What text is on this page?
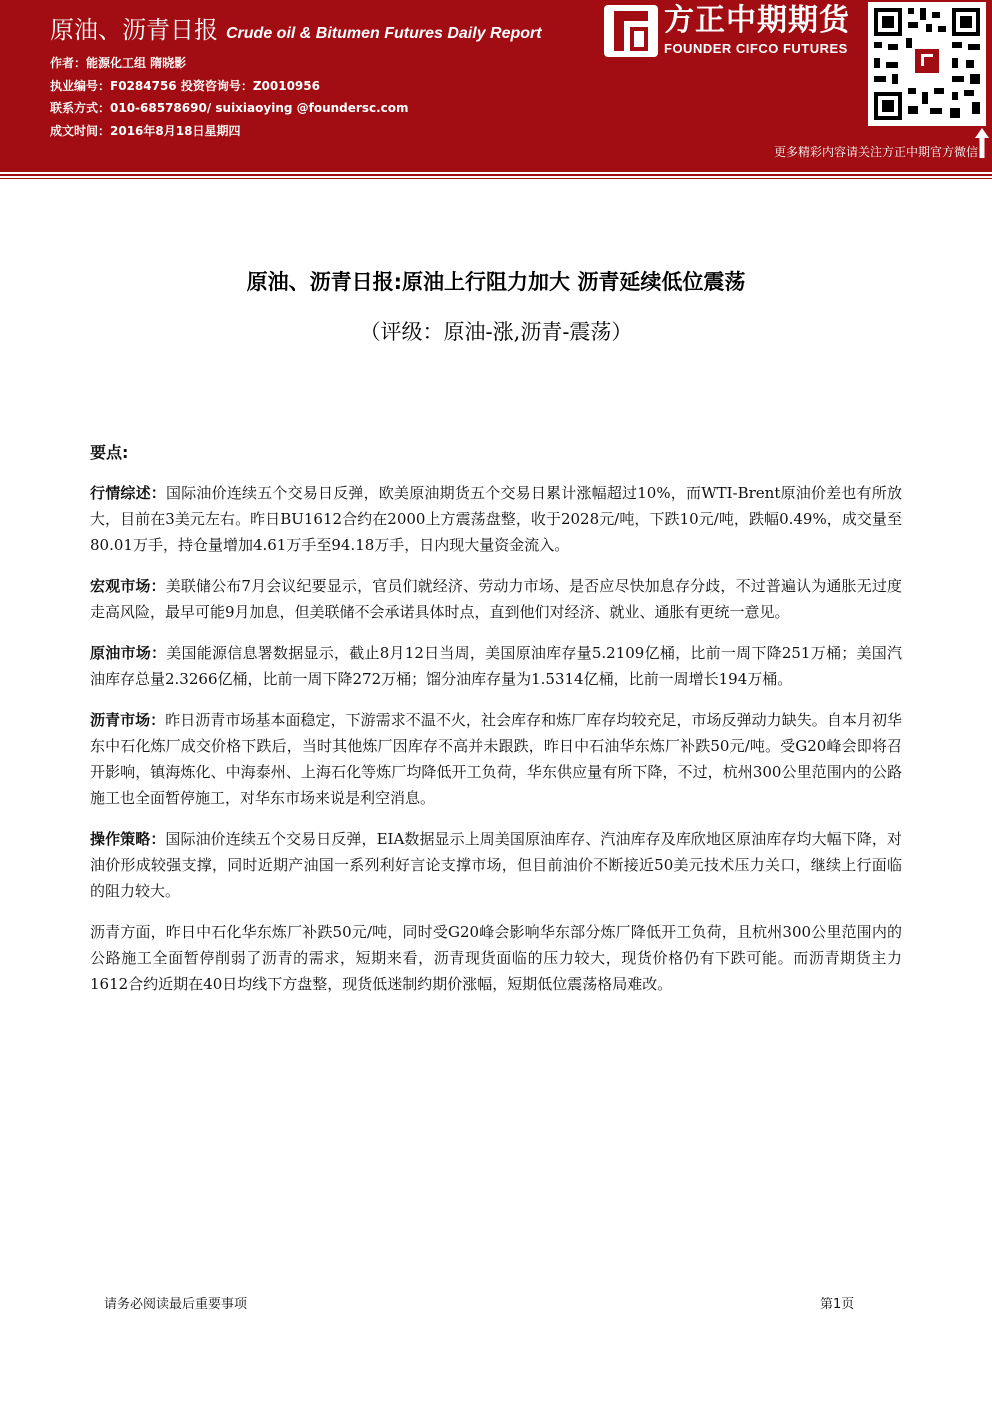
原油、沥青日报 Crude oil & Bitumen Futures Daily Report
作者：能源化工组 隋晓影
执业编号：F0284756 投资咨询号：Z0010956
联系方式：010-68578690/ suixiaoying @foundersc.com
成文时间：2016年8月18日星期四
方正中期期货
FOUNDER CIFCO FUTURES
更多精彩内容请关注方正中期官方微信
原油、沥青日报:原油上行阻力加大 沥青延续低位震荡
（评级：原油-涨,沥青-震荡）
要点:

行情综述：国际油价连续五个交易日反弹，欧美原油期货五个交易日累计涨幅超过10%，而WTI-Brent原油价差也有所放大，目前在3美元左右。昨日BU1612合约在2000上方震荡盘整，收于2028元/吨，下跌10元/吨，跌幅0.49%，成交量至80.01万手，持仓量增加4.61万手至94.18万手，日内现大量资金流入。

宏观市场：美联储公布7月会议纪要显示，官员们就经济、劳动力市场、是否应尽快加息存分歧，不过普遍认为通胀无过度走高风险，最早可能9月加息，但美联储不会承诺具体时点，直到他们对经济、就业、通胀有更统一意见。

原油市场：美国能源信息署数据显示，截止8月12日当周，美国原油库存量5.2109亿桶，比前一周下降251万桶；美国汽油库存总量2.3266亿桶，比前一周下降272万桶；馏分油库存量为1.5314亿桶，比前一周增长194万桶。

沥青市场：昨日沥青市场基本面稳定，下游需求不温不火，社会库存和炼厂库存均较充足，市场反弹动力缺失。自本月初华东中石化炼厂成交价格下跌后，当时其他炼厂因库存不高并未跟跌，昨日中石油华东炼厂补跌50元/吨。受G20峰会即将召开影响，镇海炼化、中海泰州、上海石化等炼厂均降低开工负荷，华东供应量有所下降，不过，杭州300公里范围内的公路施工也全面暂停施工，对华东市场来说是利空消息。

操作策略：国际油价连续五个交易日反弹，EIA数据显示上周美国原油库存、汽油库存及库欣地区原油库存均大幅下降，对油价形成较强支撑，同时近期产油国一系列利好言论支撑市场，但目前油价不断接近50美元技术压力关口，继续上行面临的阻力较大。

沥青方面，昨日中石化华东炼厂补跌50元/吨，同时受G20峰会影响华东部分炼厂降低开工负荷，且杭州300公里范围内的公路施工全面暂停削弱了沥青的需求，短期来看，沥青现货面临的压力较大，现货价格仍有下跌可能。而沥青期货主力1612合约近期在40日均线下方盘整，现货低迷制约期价涨幅，短期低位震荡格局难改。

请务必阅读最后重要事项	第1页
